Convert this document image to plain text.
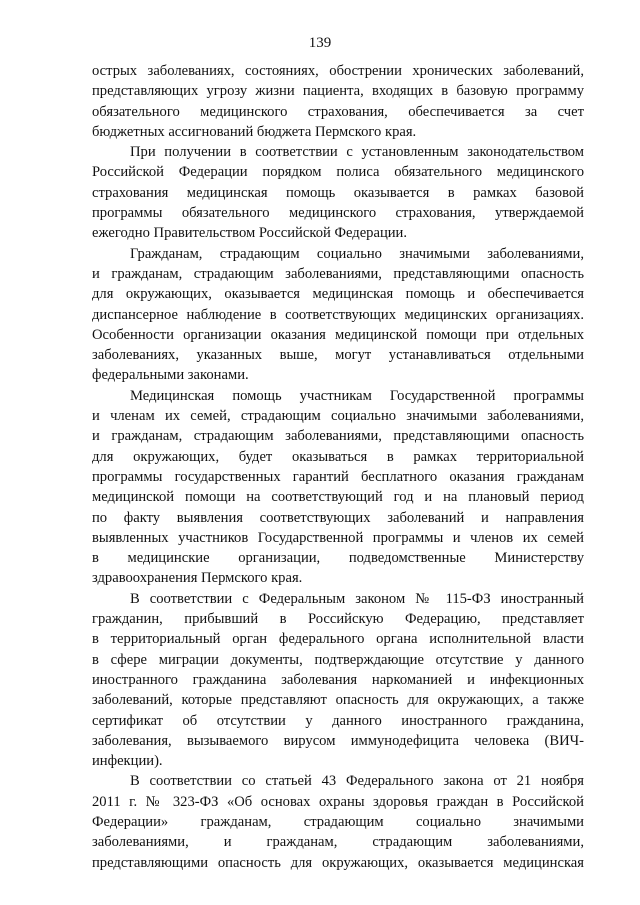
139
острых заболеваниях, состояниях, обострении хронических заболеваний,
представляющих угрозу жизни пациента, входящих в базовую программу
обязательного медицинского страхования, обеспечивается за счет
бюджетных ассигнований бюджета Пермского края.
При получении в соответствии с установленным законодательством
Российской Федерации порядком полиса обязательного медицинского
страхования медицинская помощь оказывается в рамках базовой
программы обязательного медицинского страхования, утверждаемой
ежегодно Правительством Российской Федерации.
Гражданам, страдающим социально значимыми заболеваниями,
и гражданам, страдающим заболеваниями, представляющими опасность
для окружающих, оказывается медицинская помощь и обеспечивается
диспансерное наблюдение в соответствующих медицинских организациях.
Особенности организации оказания медицинской помощи при отдельных
заболеваниях, указанных выше, могут устанавливаться отдельными
федеральными законами.
Медицинская помощь участникам Государственной программы
и членам их семей, страдающим социально значимыми заболеваниями,
и гражданам, страдающим заболеваниями, представляющими опасность
для окружающих, будет оказываться в рамках территориальной
программы государственных гарантий бесплатного оказания гражданам
медицинской помощи на соответствующий год и на плановый период
по факту выявления соответствующих заболеваний и направления
выявленных участников Государственной программы и членов их семей
в медицинские организации, подведомственные Министерству
здравоохранения Пермского края.
В соответствии с Федеральным законом № 115-ФЗ иностранный
гражданин, прибывший в Российскую Федерацию, представляет
в территориальный орган федерального органа исполнительной власти
в сфере миграции документы, подтверждающие отсутствие у данного
иностранного гражданина заболевания наркоманией и инфекционных
заболеваний, которые представляют опасность для окружающих, а также
сертификат об отсутствии у данного иностранного гражданина,
заболевания, вызываемого вирусом иммунодефицита человека (ВИЧ-
инфекции).
В соответствии со статьей 43 Федерального закона от 21 ноября
2011 г. № 323-ФЗ «Об основах охраны здоровья граждан в Российской
Федерации» гражданам, страдающим социально значимыми
заболеваниями, и гражданам, страдающим заболеваниями,
представляющими опасность для окружающих, оказывается медицинская
